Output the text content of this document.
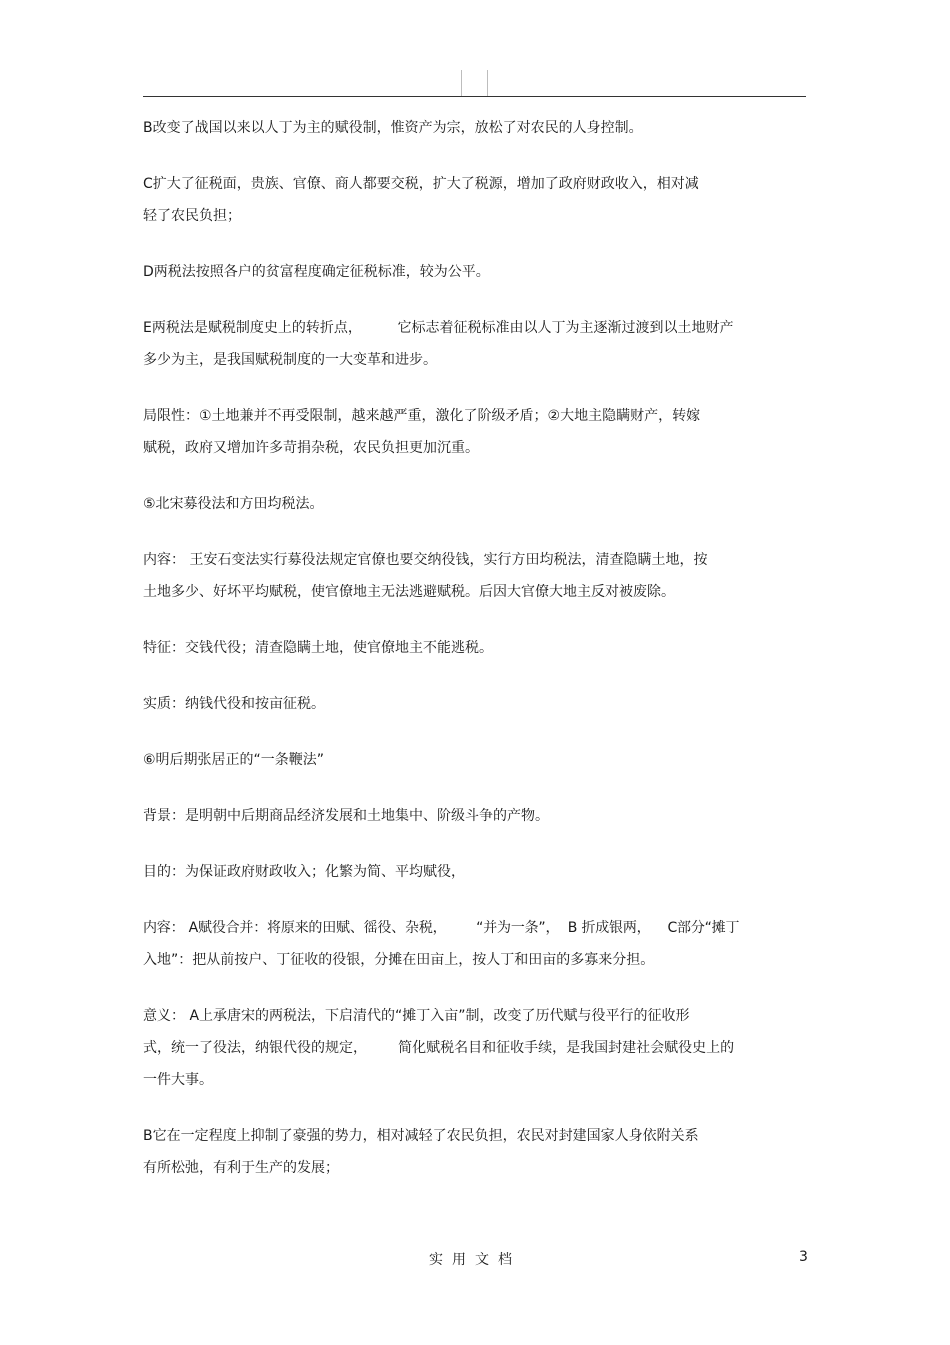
B改变了战国以来以人丁为主的赋役制，惟资产为宗，放松了对农民的人身控制。
C扩大了征税面，贵族、官僚、商人都要交税，扩大了税源，增加了政府财政收入，相对减
轻了农民负担；
D两税法按照各户的贫富程度确定征税标准，较为公平。
E两税法是赋税制度史上的转折点，        它标志着征税标准由以人丁为主逐渐过渡到以土地财产
多少为主，是我国赋税制度的一大变革和进步。
局限性：①土地兼并不再受限制，越来越严重，激化了阶级矛盾；②大地主隐瞒财产，转嫁
赋税，政府又增加许多苛捐杂税，农民负担更加沉重。
⑤北宋募役法和方田均税法。
内容： 王安石变法实行募役法规定官僚也要交纳役钱，实行方田均税法，清查隐瞒土地，按
土地多少、好坏平均赋税，使官僚地主无法逃避赋税。后因大官僚大地主反对被废除。
特征：交钱代役；清查隐瞒土地，使官僚地主不能逃税。
实质：纳钱代役和按亩征税。
⑥明后期张居正的“一条鞭法”
背景：是明朝中后期商品经济发展和土地集中、阶级斗争的产物。
目的：为保证政府财政收入；化繁为简、平均赋役，
内容： A赋役合并：将原来的田赋、徭役、杂税，       “并为一条”，  B 折成银两，    C部分“摊丁
入地”：把从前按户、丁征收的役银，分摊在田亩上，按人丁和田亩的多寡来分担。
意义： A上承唐宋的两税法，下启清代的“摊丁入亩”制，改变了历代赋与役平行的征收形
式，统一了役法，纳银代役的规定，       简化赋税名目和征收手续，是我国封建社会赋役史上的
一件大事。
B它在一定程度上抑制了豪强的势力，相对减轻了农民负担，农民对封建国家人身依附关系
有所松弛，有利于生产的发展；
实用文档	3
